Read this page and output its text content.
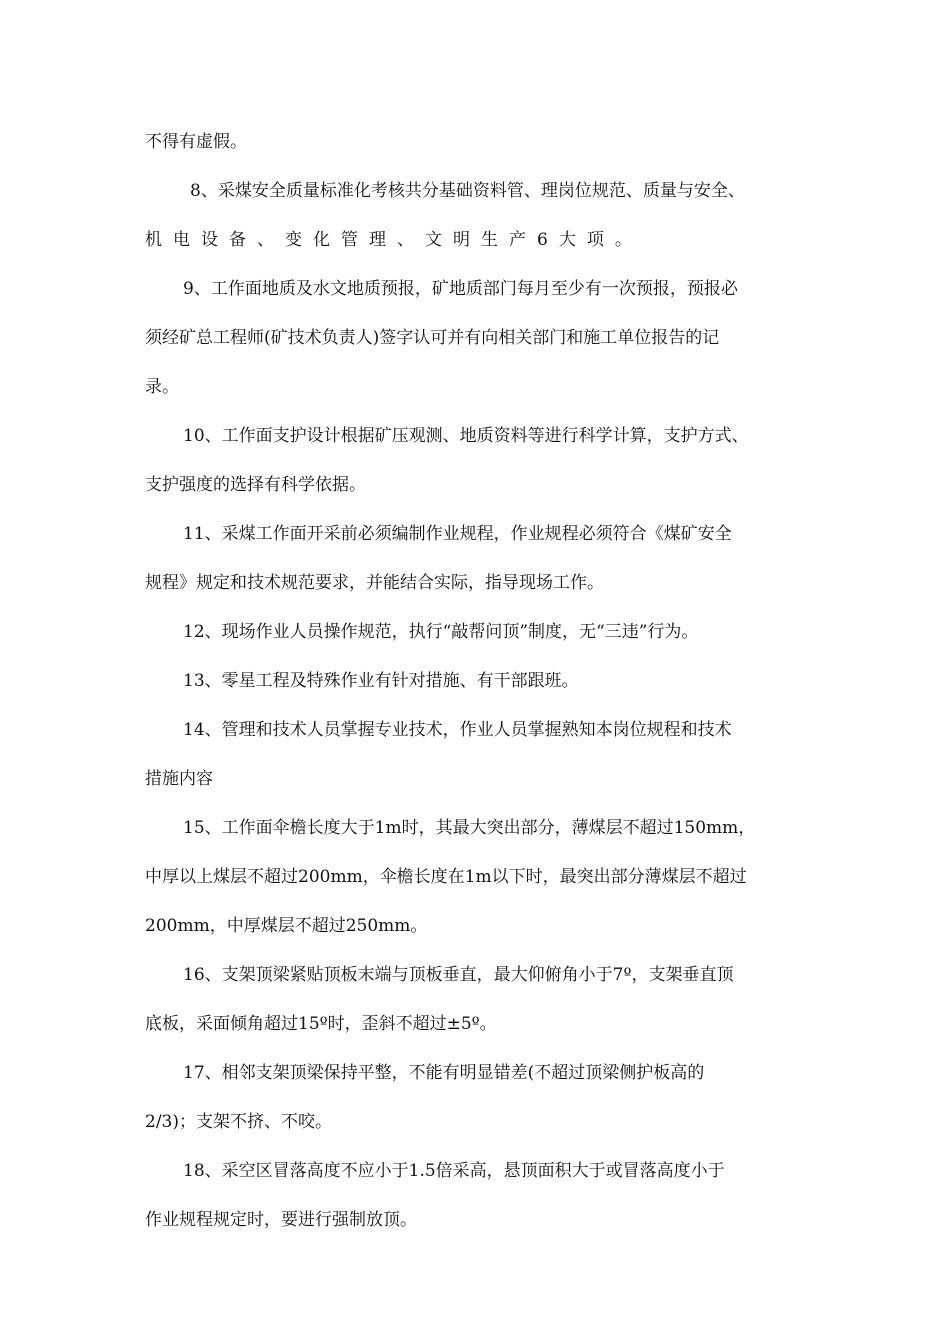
不得有虚假。
8、采煤安全质量标准化考核共分基础资料管、理岗位规范、质量与安全、
机电设备、变化管理、文明生产6大项。
9、工作面地质及水文地质预报，矿地质部门每月至少有一次预报，预报必
须经矿总工程师(矿技术负责人)签字认可并有向相关部门和施工单位报告的记
录。
10、工作面支护设计根据矿压观测、地质资料等进行科学计算，支护方式、
支护强度的选择有科学依据。
11、采煤工作面开采前必须编制作业规程，作业规程必须符合《煤矿安全
规程》规定和技术规范要求，并能结合实际，指导现场工作。
12、现场作业人员操作规范，执行“敲帮问顶”制度，无“三违”行为。
13、零星工程及特殊作业有针对措施、有干部跟班。
14、管理和技术人员掌握专业技术，作业人员掌握熟知本岗位规程和技术
措施内容
15、工作面伞檐长度大于1m时，其最大突出部分，薄煤层不超过150mm，
中厚以上煤层不超过200mm，伞檐长度在1m以下时，最突出部分薄煤层不超过
200mm，中厚煤层不超过250mm。
16、支架顶梁紧贴顶板末端与顶板垂直，最大仰俯角小于7º，支架垂直顶
底板，采面倾角超过15º时，歪斜不超过±5º。
17、相邻支架顶梁保持平整，不能有明显错差(不超过顶梁侧护板高的
2/3)；支架不挤、不咬。
18、采空区冒落高度不应小于1.5倍采高，悬顶面积大于或冒落高度小于
作业规程规定时，要进行强制放顶。
